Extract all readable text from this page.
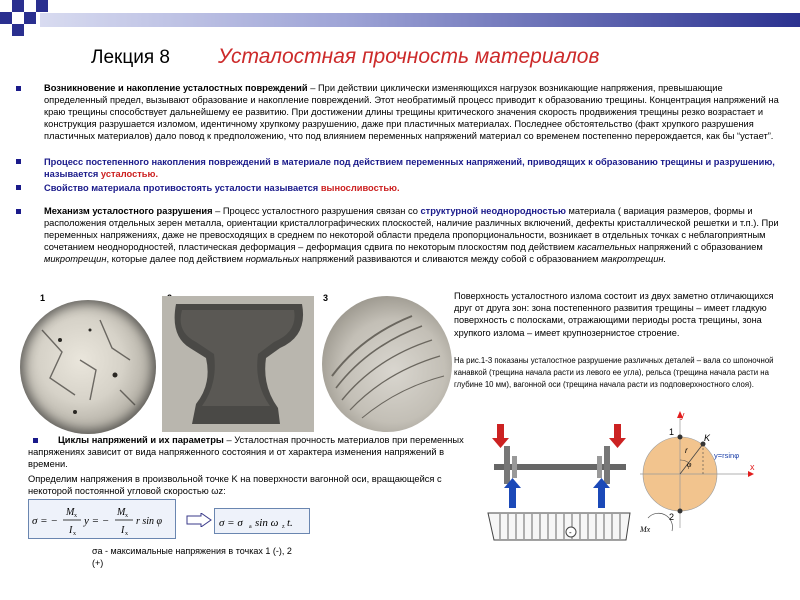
Лекция 8 Усталостная прочность материалов
Возникновение и накопление усталостных повреждений – При действии циклически изменяющихся нагрузок возникающие напряжения, превышающие определенный предел, вызывают образование и накопление повреждений. Этот необратимый процесс приводит к образованию трещины. Концентрация напряжений на краю трещины способствует дальнейшему ее развитию. При достижении длины трещины критического значения скорость продвижения трещины резко возрастает и конструкция разрушается изломом, идентичному хрупкому разрушению, даже при пластичных материалах. Последнее обстоятельство (факт хрупкого разрушения пластичных материалов) дало повод к предположению, что под влиянием переменных напряжений материал со временем постепенно перерождается, как бы “устает”.
Процесс постепенного накопления повреждений в материале под действием переменных напряжений, приводящих к образованию трещины и разрушению, называется усталостью.
Свойство материала противостоять усталости называется выносливостью.
Механизм усталостного разрушения – Процесс усталостного разрушения связан со структурной неоднородностью материала ( вариация размеров, формы и расположения отдельных зерен металла, ориентации кристаллографических плоскостей, наличие различных включений, дефекты кристаллической решетки и т.п.). При переменных напряжениях, даже не превосходящих в среднем по некоторой области предела пропорциональности, возникает в отдельных точках с неблагоприятным сочетанием неоднородностей, пластическая деформация – деформация сдвига по некоторым плоскостям под действием касательных напряжений с образованием микротрещин, которые далее под действием нормальных напряжений развиваются и сливаются между собой с образованием макротрещин.
1	3	Поверхность усталостного излома состоит из двух заметно отличающихся друг от друга зон: зона постепенного развития трещины – имеет гладкую поверхность с полосками, отражающими периоды роста трещины, зона хрупкого излома – имеет крупнозернистое строение.
На рис.1-3 показаны усталостное разрушение различных деталей – вала со шпоночной канавкой (трещина начала расти из левого ее угла), рельса (трещина начала расти на глубине 10 мм), вагонной оси (трещина начала расти из подповерхностного слоя).
Циклы напряжений и их параметры – Усталостная прочность материалов при переменных напряжениях зависит от вида напряженного состояния и от характера изменения напряжений в времени.
Определим напряжения в произвольной точке K на поверхности вагонной оси, вращающейся с некоторой постоянной угловой скоростью ωz:
σ = −
M x
I x
y = −
M x
I x
r sin φ	σ = σ a sin ω z t.
σa - максимальные напряжения в точках 1 (-), 2 (+)
-
y
x
K
r
φ
y=rsinφ
1
2
Mx
